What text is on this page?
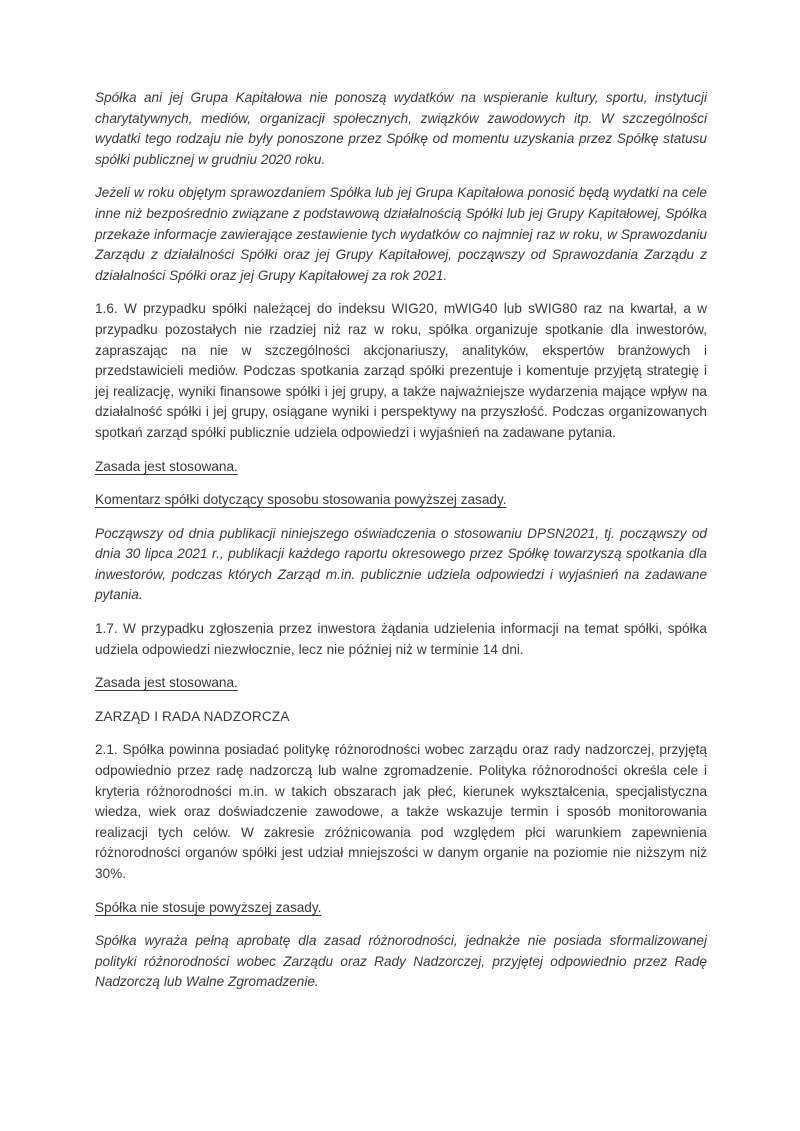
Spółka ani jej Grupa Kapitałowa nie ponoszą wydatków na wspieranie kultury, sportu, instytucji charytatywnych, mediów, organizacji społecznych, związków zawodowych itp. W szczególności wydatki tego rodzaju nie były ponoszone przez Spółkę od momentu uzyskania przez Spółkę statusu spółki publicznej w grudniu 2020 roku.

Jeżeli w roku objętym sprawozdaniem Spółka lub jej Grupa Kapitałowa ponosić będą wydatki na cele inne niż bezpośrednio związane z podstawową działalnością Spółki lub jej Grupy Kapitałowej, Spółka przekaże informacje zawierające zestawienie tych wydatków co najmniej raz w roku, w Sprawozdaniu Zarządu z działalności Spółki oraz jej Grupy Kapitałowej, począwszy od Sprawozdania Zarządu z działalności Spółki oraz jej Grupy Kapitałowej za rok 2021.

1.6. W przypadku spółki należącej do indeksu WIG20, mWIG40 lub sWIG80 raz na kwartał, a w przypadku pozostałych nie rzadziej niż raz w roku, spółka organizuje spotkanie dla inwestorów, zapraszając na nie w szczególności akcjonariuszy, analityków, ekspertów branżowych i przedstawicieli mediów. Podczas spotkania zarząd spółki prezentuje i komentuje przyjętą strategię i jej realizację, wyniki finansowe spółki i jej grupy, a także najważniejsze wydarzenia mające wpływ na działalność spółki i jej grupy, osiągane wyniki i perspektywy na przyszłość. Podczas organizowanych spotkań zarząd spółki publicznie udziela odpowiedzi i wyjaśnień na zadawane pytania.

Zasada jest stosowana.

Komentarz spółki dotyczący sposobu stosowania powyższej zasady.

Począwszy od dnia publikacji niniejszego oświadczenia o stosowaniu DPSN2021, tj. począwszy od dnia 30 lipca 2021 r., publikacji każdego raportu okresowego przez Spółkę towarzyszą spotkania dla inwestorów, podczas których Zarząd m.in. publicznie udziela odpowiedzi i wyjaśnień na zadawane pytania.

1.7. W przypadku zgłoszenia przez inwestora żądania udzielenia informacji na temat spółki, spółka udziela odpowiedzi niezwłocznie, lecz nie później niż w terminie 14 dni.

Zasada jest stosowana.

ZARZĄD I RADA NADZORCZA

2.1. Spółka powinna posiadać politykę różnorodności wobec zarządu oraz rady nadzorczej, przyjętą odpowiednio przez radę nadzorczą lub walne zgromadzenie. Polityka różnorodności określa cele i kryteria różnorodności m.in. w takich obszarach jak płeć, kierunek wykształcenia, specjalistyczna wiedza, wiek oraz doświadczenie zawodowe, a także wskazuje termin i sposób monitorowania realizacji tych celów. W zakresie zróżnicowania pod względem płci warunkiem zapewnienia różnorodności organów spółki jest udział mniejszości w danym organie na poziomie nie niższym niż 30%.

Spółka nie stosuje powyższej zasady.

Spółka wyraża pełną aprobatę dla zasad różnorodności, jednakże nie posiada sformalizowanej polityki różnorodności wobec Zarządu oraz Rady Nadzorczej, przyjętej odpowiednio przez Radę Nadzorczą lub Walne Zgromadzenie.
